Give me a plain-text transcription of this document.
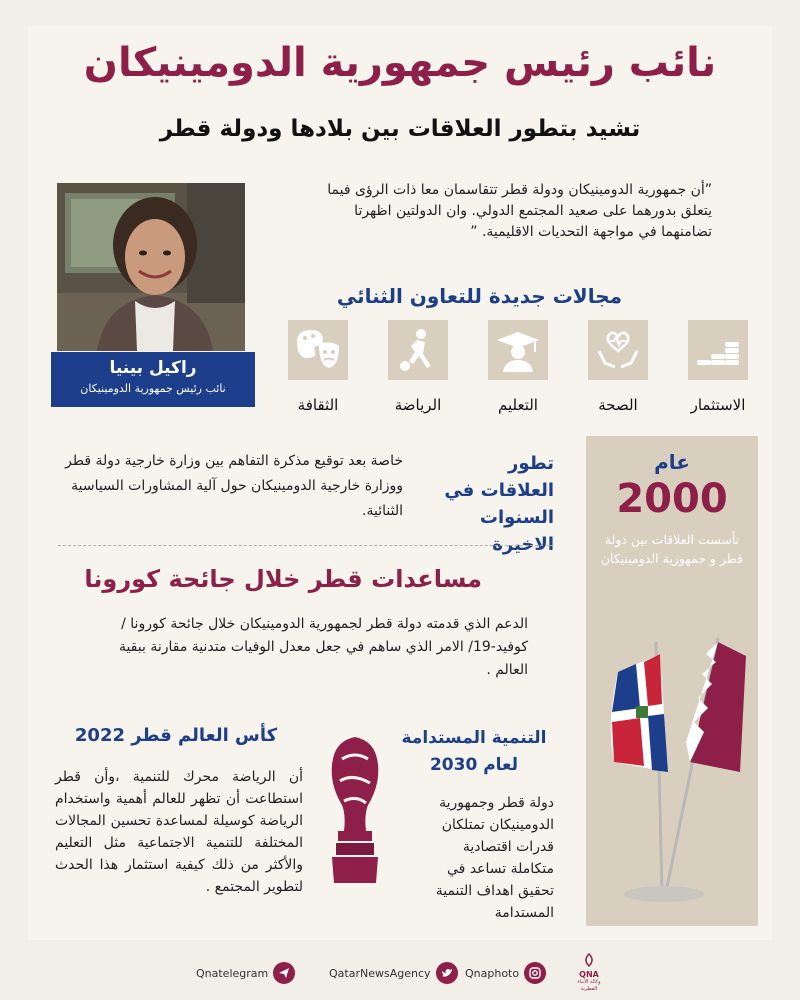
نائب رئيس جمهورية الدومينيكان
تشيد بتطور العلاقات بين بلادها ودولة قطر
”أن جمهورية الدومينيكان ودولة قطر تتقاسمان معا ذات الرؤى فيما يتعلق بدورهما على صعيد المجتمع الدولي. وان الدولتين اظهرتا تضامنهما في مواجهة التحديات الاقليمية. ”
راكيل بينيا
نائب رئيس جمهورية الدومينيكان
مجالات جديدة للتعاون الثنائي
الاستثمار
الصحة
التعليم
الرياضة
الثقافة
عام
2000
تأسست العلاقات بين دولة قطر و جمهورية الدومينيكان
تطور العلاقات في السنوات الاخيرة
خاصة بعد توقيع مذكرة التفاهم بين وزارة خارجية دولة قطر ووزارة خارجية الدومينيكان حول آلية المشاورات السياسية الثنائية.
مساعدات قطر خلال جائحة كورونا
الدعم الذي قدمته دولة قطر لجمهورية الدومينيكان خلال جائحة كورونا /كوفيد-19/ الامر الذي ساهم في جعل معدل الوفيات متدنية مقارنة ببقية العالم .
التنمية المستدامة لعام 2030
دولة قطر وجمهورية الدومينيكان تمتلكان قدرات اقتصادية متكاملة تساعد في تحقيق اهداف التنمية المستدامة
كأس العالم قطر 2022
أن الرياضة محرك للتنمية ،وأن قطر استطاعت أن تظهر للعالم أهمية واستخدام الرياضة كوسيلة لمساعدة تحسين المجالات المختلفة للتنمية الاجتماعية مثل التعليم والأكثر من ذلك كيفية استثمار هذا الحدث لتطوير المجتمع .
Qnatelegram	QatarNewsAgency	Qnaphoto	QNA
وكالة الأنباء القطرية
